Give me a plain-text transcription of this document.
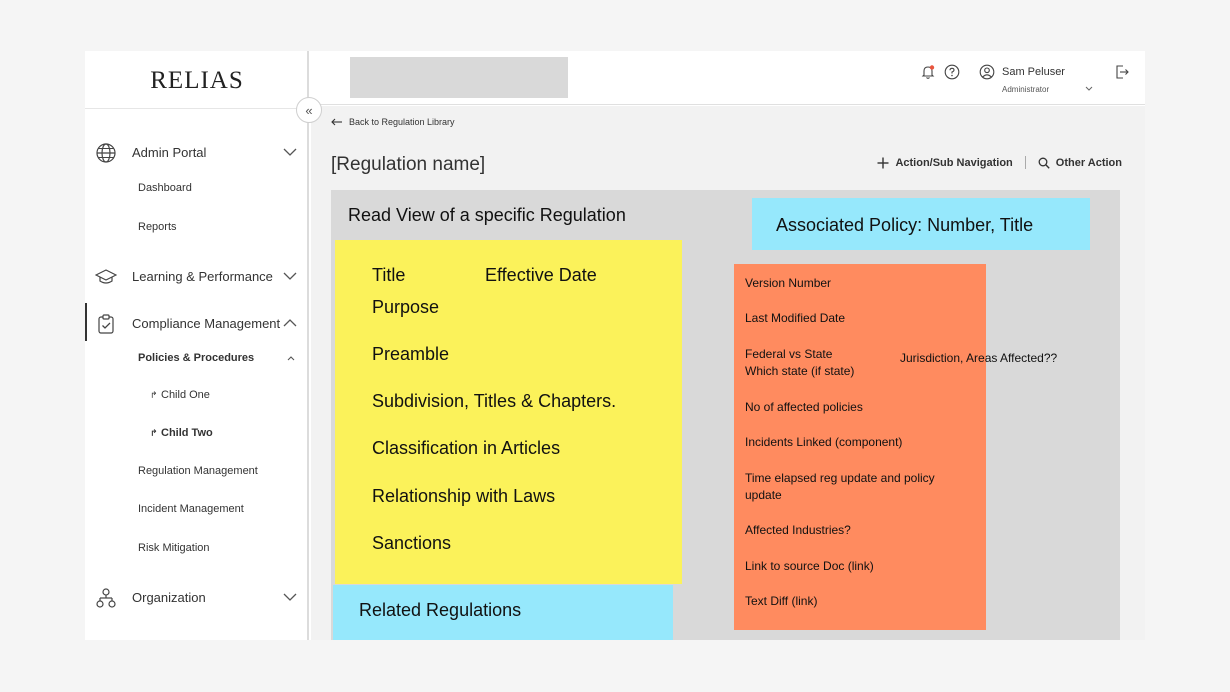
RELIAS
Admin Portal
Dashboard
Reports
Learning & Performance
Compliance Management
Policies & Procedures
↱ Child One
↱ Child Two
Regulation Management
Incident Management
Risk Mitigation
Organization
«
Sam Peluser
Administrator
Back to Regulation Library
[Regulation name]	Action/Sub Navigation	Other Action
Read View of a specific Regulation	Associated Policy: Number, Title
Title	Effective Date
Purpose
Preamble
Subdivision, Titles & Chapters.
Classification in Articles
Relationship with Laws
Sanctions
Related Regulations
Version Number
Last Modified Date
Federal vs State
Which state (if state)
No of affected policies
Incidents Linked (component)
Time elapsed reg update and policy
update
Affected Industries?
Link to source Doc (link)
Text Diff (link)
Jurisdiction, Areas Affected??
